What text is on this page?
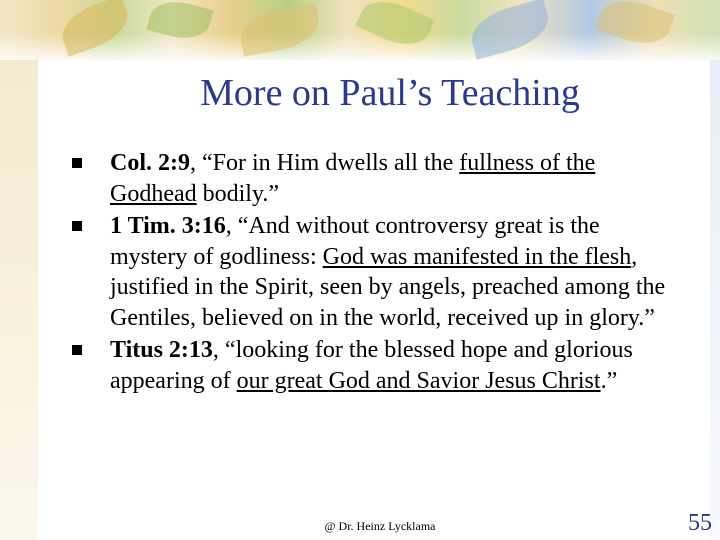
More on Paul’s Teaching
Col. 2:9, “For in Him dwells all the fullness of the Godhead bodily.”
1 Tim. 3:16, “And without controversy great is the mystery of godliness: God was manifested in the flesh, justified in the Spirit, seen by angels, preached among the Gentiles, believed on in the world, received up in glory.”
Titus 2:13, “looking for the blessed hope and glorious appearing of our great God and Savior Jesus Christ.”
@ Dr. Heinz Lycklama	55
